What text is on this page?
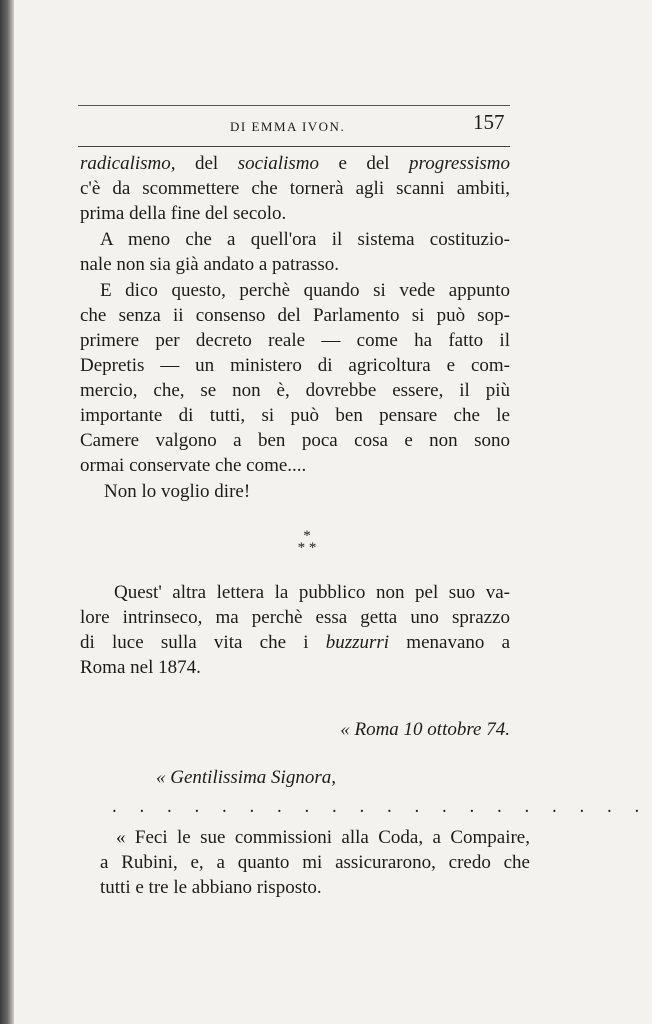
DI EMMA IVON.	157
radicalismo, del socialismo e del progressismo
c'è da scommettere che tornerà agli scanni ambiti,
prima della fine del secolo.
A meno che a quell'ora il sistema costituzio-
nale non sia già andato a patrasso.
E dico questo, perchè quando si vede appunto
che senza ii consenso del Parlamento si può sop-
primere per decreto reale — come ha fatto il
Depretis — un ministero di agricoltura e com-
mercio, che, se non è, dovrebbe essere, il più
importante di tutti, si può ben pensare che le
Camere valgono a ben poca cosa e non sono
ormai conservate che come....
Non lo voglio dire!
*
* *
Quest' altra lettera la pubblico non pel suo va-
lore intrinseco, ma perchè essa getta uno sprazzo
di luce sulla vita che i buzzurri menavano a
Roma nel 1874.
« Roma 10 ottobre 74.
« Gentilissima Signora,
. . . . . . . . . . . . . . . . . . . .
« Feci le sue commissioni alla Coda, a Compaire,
a Rubini, e, a quanto mi assicurarono, credo che
tutti e tre le abbiano risposto.
